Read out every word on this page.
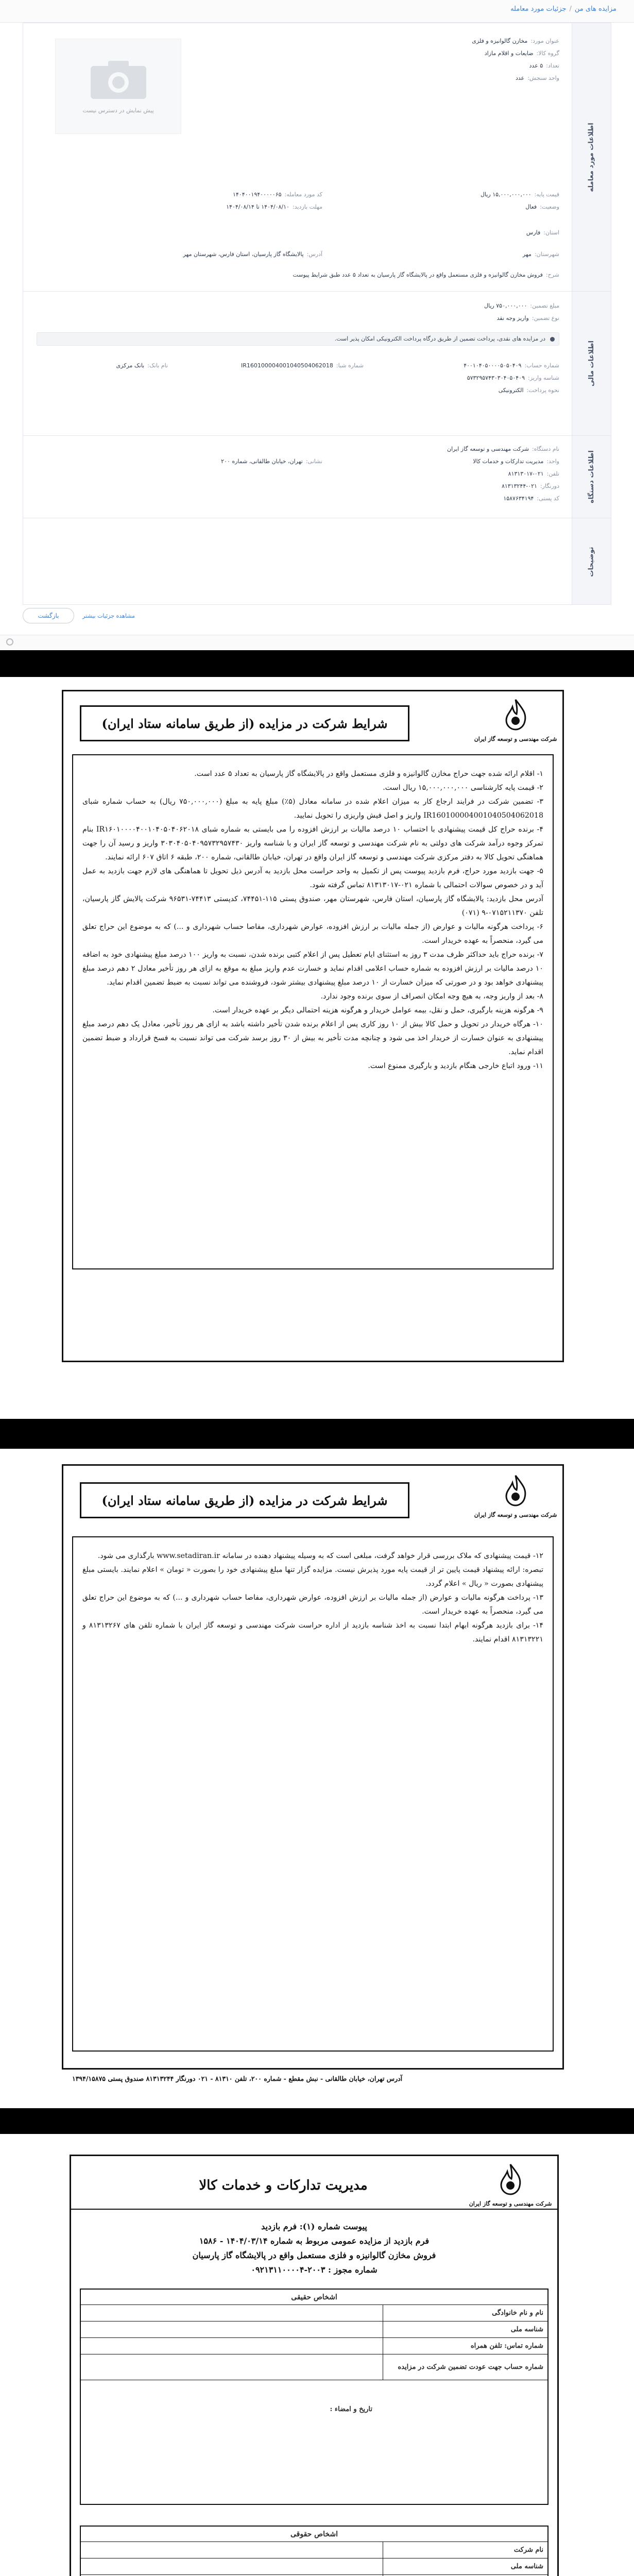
مزایده های من/جزئیات مورد معامله
اطلاعات مورد معامله
اطلاعات مالی
اطلاعات دستگاه
توضیحات
پیش نمایش در دسترس نیست
عنوان مورد:مخازن گالوانیزه و فلزی
گروه کالا:ضایعات و اقلام مازاد
تعداد:۵ عدد
واحد سنجش:عدد
قیمت پایه:۱۵,۰۰۰,۰۰۰,۰۰۰ ریال
کد مورد معامله:۱۴۰۴۰۰۱۹۴۰۰۰۰۰۶۵
وضعیت:فعال
مهلت بازدید:۱۴۰۴/۰۸/۱۰ تا ۱۴۰۴/۰۸/۱۴
استان:فارس
شهرستان:مهر
آدرس:پالایشگاه گاز پارسیان، استان فارس، شهرستان مهر
شرح:فروش مخازن گالوانیزه و فلزی مستعمل واقع در پالایشگاه گاز پارسیان به تعداد ۵ عدد طبق شرایط پیوست
مبلغ تضمین:۷۵۰,۰۰۰,۰۰۰ ریال
نوع تضمین:واریز وجه نقد
در مزایده های نقدی، پرداخت تضمین از طریق درگاه پرداخت الکترونیکی امکان پذیر است.
شماره حساب:۴۰۰۱۰۴۰۵۰۰۰۰۵۰۵۰۴۰۹
شماره شبا:IR160100004001040504062018
نام بانک:بانک مرکزی
شناسه واریز:۵۷۳۲۹۵۷۴۳۰۳۰۴۰۵۰۴۰۹
نحوه پرداخت:الکترونیکی
نام دستگاه:شرکت مهندسی و توسعه گاز ایران
واحد:مدیریت تدارکات و خدمات کالا
نشانی:تهران، خیابان طالقانی، شماره ۲۰۰
تلفن:۰۲۱-۸۱۳۱۳۰۱۷
دورنگار:۰۲۱-۸۱۳۱۳۲۴۴
کد پستی:۱۵۸۷۶۳۴۱۹۴
بازگشت	مشاهده جزئیات بیشتر
شرکت مهندسی و توسعه گاز ایران
شرایط شرکت در مزایده (از طریق سامانه ستاد ایران)

۱- اقلام ارائه شده جهت حراج مخازن گالوانیزه و فلزی مستعمل واقع در پالایشگاه گاز پارسیان به تعداد ۵ عدد است.

۲- قیمت پایه کارشناسی ۱۵,۰۰۰,۰۰۰,۰۰۰ ریال است.

۳- تضمین شرکت در فرایند ارجاع کار به میزان اعلام شده در سامانه معادل (۵٪) مبلغ پایه به مبلغ (۷۵۰,۰۰۰,۰۰۰ ریال) به حساب شماره شبای IR160100004001040504062018 واریز و اصل فیش واریزی را تحویل نمایید.

۴- برنده حراج کل قیمت پیشنهادی با احتساب ۱۰ درصد مالیات بر ارزش افزوده را می بایستی به شماره شبای IR۱۶۰۱۰۰۰۰۴۰۰۱۰۴۰۵۰۴۰۶۲۰۱۸ بنام تمرکز وجوه درآمد شرکت های دولتی به نام شرکت مهندسی و توسعه گاز ایران و با شناسه واریز ۳۰۳۰۴۰۵۰۴۰۹۵۷۳۲۹۵۷۴۳۰ واریز و رسید آن را جهت هماهنگی تحویل کالا به دفتر مرکزی شرکت مهندسی و توسعه گاز ایران واقع در تهران، خیابان طالقانی، شماره ۲۰۰، طبقه ۶ اتاق ۶۰۷ ارائه نمایند.

۵- جهت بازدید مورد حراج، فرم بازدید پیوست پس از تکمیل به واحد حراست محل بازدید به آدرس ذیل تحویل تا هماهنگی های لازم جهت بازدید به عمل آید و در خصوص سوالات احتمالی با شماره ۰۲۱-۸۱۳۱۳۰۱۷ تماس گرفته شود.

آدرس محل بازدید: پالایشگاه گاز پارسیان، استان فارس، شهرستان مهر، صندوق پستی ۱۱۵-۷۴۴۵۱، کدپستی ۷۴۴۱۳-۹۶۵۳۱ شرکت پالایش گاز پارسیان، تلفن ۰۷۱۵۲۱۱۳۷۰-۹ (۰۷۱)

۶- پرداخت هرگونه مالیات و عوارض (از جمله مالیات بر ارزش افزوده، عوارض شهرداری، مفاصا حساب شهرداری و ...) که به موضوع این حراج تعلق می گیرد، منحصراً به عهده خریدار است.

۷- برنده حراج باید حداکثر ظرف مدت ۳ روز به استثنای ایام تعطیل پس از اعلام کتبی برنده شدن، نسبت به واریز ۱۰۰ درصد مبلغ پیشنهادی خود به اضافه ۱۰ درصد مالیات بر ارزش افزوده به شماره حساب اعلامی اقدام نماید و خسارت عدم واریز مبلغ به موقع به ازای هر روز تأخیر معادل ۲ دهم درصد مبلغ پیشنهادی خواهد بود و در صورتی که میزان خسارت از ۱۰ درصد مبلغ پیشنهادی بیشتر شود، فروشنده می تواند نسبت به ضبط تضمین اقدام نماید.

۸- بعد از واریز وجه، به هیچ وجه امکان انصراف از سوی برنده وجود ندارد.

۹- هرگونه هزینه بارگیری، حمل و نقل، بیمه عوامل خریدار و هرگونه هزینه احتمالی دیگر بر عهده خریدار است.

۱۰- هرگاه خریدار در تحویل و حمل کالا بیش از ۱۰ روز کاری پس از اعلام برنده شدن تأخیر داشته باشد به ازای هر روز تأخیر، معادل یک دهم درصد مبلغ پیشنهادی به عنوان خسارت از خریدار اخذ می شود و چنانچه مدت تأخیر به بیش از ۳۰ روز برسد شرکت می تواند نسبت به فسخ قرارداد و ضبط تضمین اقدام نماید.

۱۱- ورود اتباع خارجی هنگام بازدید و بارگیری ممنوع است.

شرکت مهندسی و توسعه گاز ایران
شرایط شرکت در مزایده (از طریق سامانه ستاد ایران)

۱۲- قیمت پیشنهادی که ملاک بررسی قرار خواهد گرفت، مبلغی است که به وسیله پیشنهاد دهنده در سامانه www.setadiran.ir بارگذاری می شود.

تبصره: ارائه پیشنهاد قیمت پایین تر از قیمت پایه مورد پذیرش نیست. مزایده گزار تنها مبلغ پیشنهادی خود را بصورت « تومان » اعلام نمایند. بایستی مبلغ پیشنهادی بصورت « ریال » اعلام گردد.

۱۳- پرداخت هرگونه مالیات و عوارض (از جمله مالیات بر ارزش افزوده، عوارض شهرداری، مفاصا حساب شهرداری و ...) که به موضوع این حراج تعلق می گیرد، منحصراً به عهده خریدار است.

۱۴- برای بازدید هرگونه ابهام ابتدا نسبت به اخذ شناسه بازدید از اداره حراست شرکت مهندسی و توسعه گاز ایران با شماره تلفن های ۸۱۳۱۳۲۶۷ و ۸۱۳۱۳۲۲۱ اقدام نمایند.

آدرس تهران، خیابان طالقانی - نبش مقطع - شماره ۲۰۰، تلفن ۸۱۳۱۰ - ۰۲۱ دورنگار ۸۱۳۱۳۲۴۴ صندوق پستی ۱۳۹۴/۱۵۸۷۵
شرکت مهندسی و توسعه گاز ایران
مدیریت تدارکات و خدمات کالا
پیوست شماره (۱): فرم بازدید
فرم بازدید از مزایده عمومی مربوط به شماره ۱۴۰۴/۰۳/۱۴ - ۱۵۸۶
فروش مخازن گالوانیزه و فلزی مستعمل واقع در پالایشگاه گاز پارسیان
شماره مجوز : ۲۰۰۳-۰۹۲۱۳۱۱۰۰۰۰۴
اشخاص حقیقی
نام و نام خانوادگی
شناسه ملی
شماره تماس: تلفن همراه
شماره حساب جهت عودت تضمین شرکت در مزایده
تاریخ و امضاء :
اشخاص حقوقی
نام شرکت
شناسه ملی
